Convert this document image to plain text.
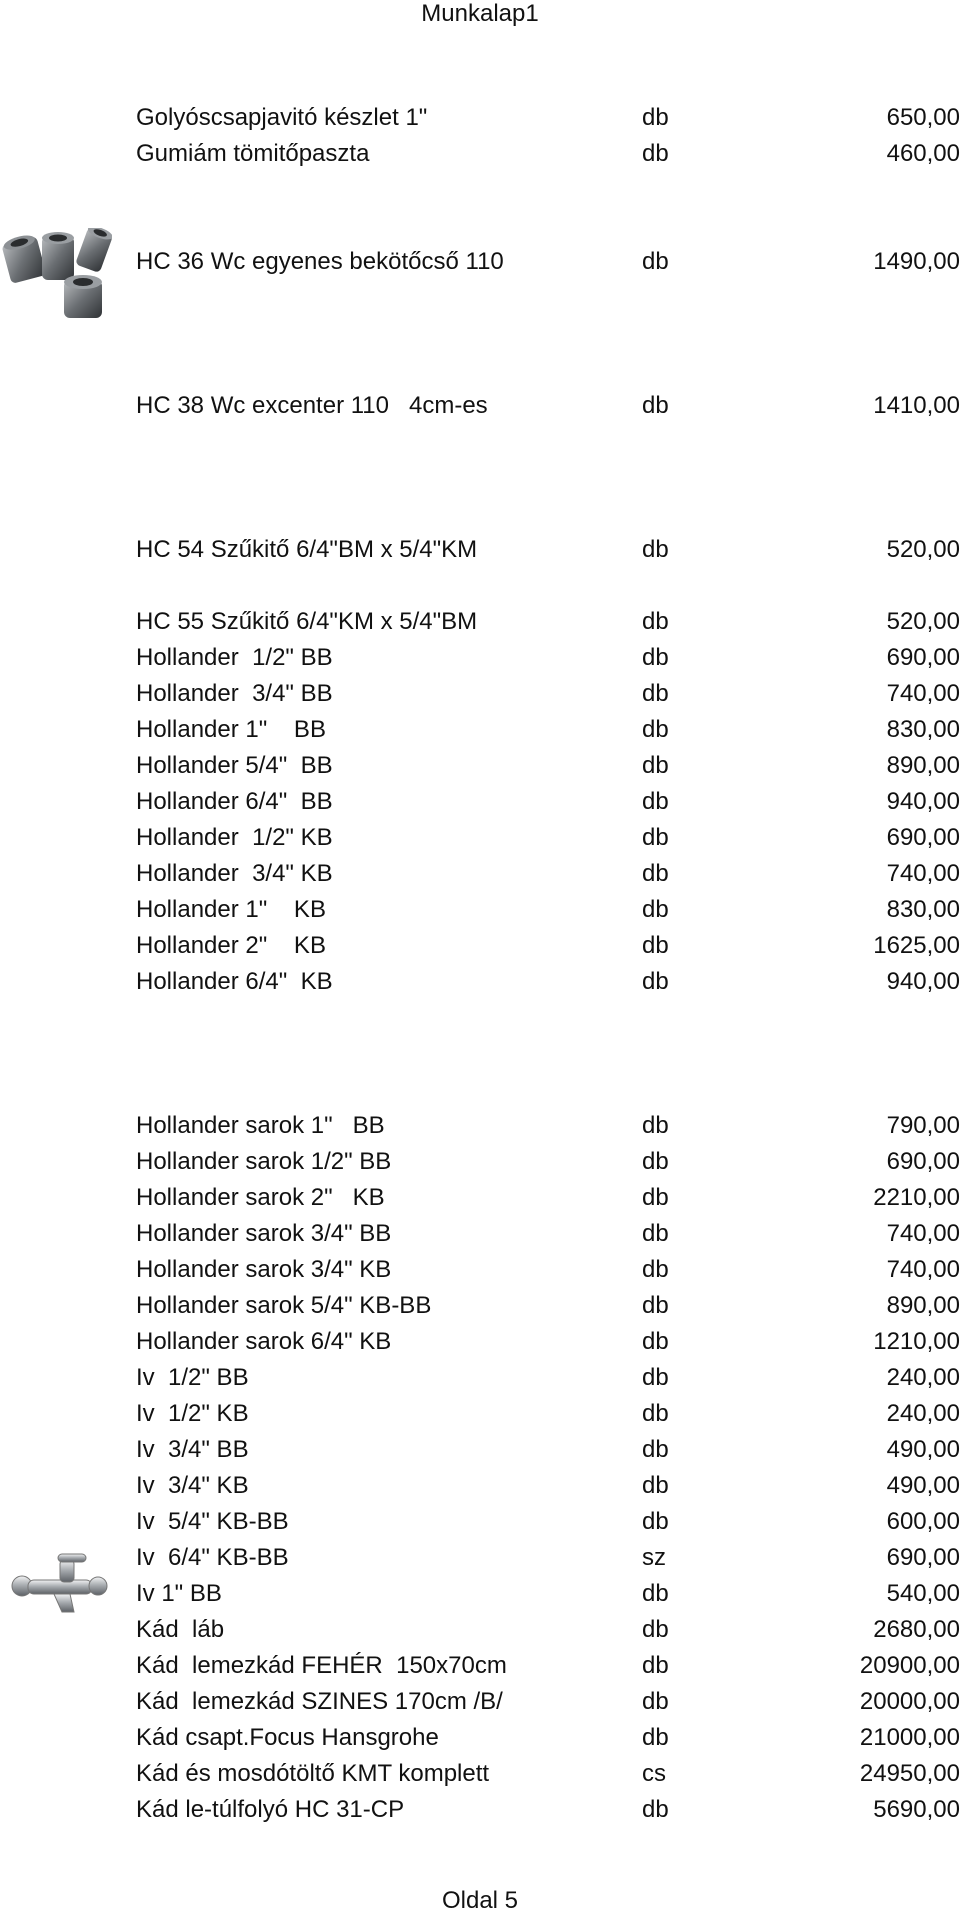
Munkalap1
Golyóscsapjavitó készlet 1"	db	650,00
Gumiám tömitőpaszta	db	460,00
HC 36 Wc egyenes bekötőcső 110	db	1490,00
HC 38 Wc excenter 110   4cm-es	db	1410,00
HC 54 Szűkitő 6/4"BM x 5/4"KM	db	520,00
HC 55 Szűkitő 6/4"KM x 5/4"BM	db	520,00
Hollander  1/2" BB	db	690,00
Hollander  3/4" BB	db	740,00
Hollander 1"    BB	db	830,00
Hollander 5/4"  BB	db	890,00
Hollander 6/4"  BB	db	940,00
Hollander  1/2" KB	db	690,00
Hollander  3/4" KB	db	740,00
Hollander 1"    KB	db	830,00
Hollander 2"    KB	db	1625,00
Hollander 6/4"  KB	db	940,00
Hollander sarok 1"   BB	db	790,00
Hollander sarok 1/2" BB	db	690,00
Hollander sarok 2"   KB	db	2210,00
Hollander sarok 3/4" BB	db	740,00
Hollander sarok 3/4" KB	db	740,00
Hollander sarok 5/4" KB-BB	db	890,00
Hollander sarok 6/4" KB	db	1210,00
Iv  1/2" BB	db	240,00
Iv  1/2" KB	db	240,00
Iv  3/4" BB	db	490,00
Iv  3/4" KB	db	490,00
Iv  5/4" KB-BB	db	600,00
Iv  6/4" KB-BB	sz	690,00
Iv 1" BB	db	540,00
Kád  láb	db	2680,00
Kád  lemezkád FEHÉR  150x70cm	db	20900,00
Kád  lemezkád SZINES 170cm /B/	db	20000,00
Kád csapt.Focus Hansgrohe	db	21000,00
Kád és mosdótöltő KMT komplett	cs	24950,00
Kád le-túlfolyó HC 31-CP	db	5690,00
Oldal 5
